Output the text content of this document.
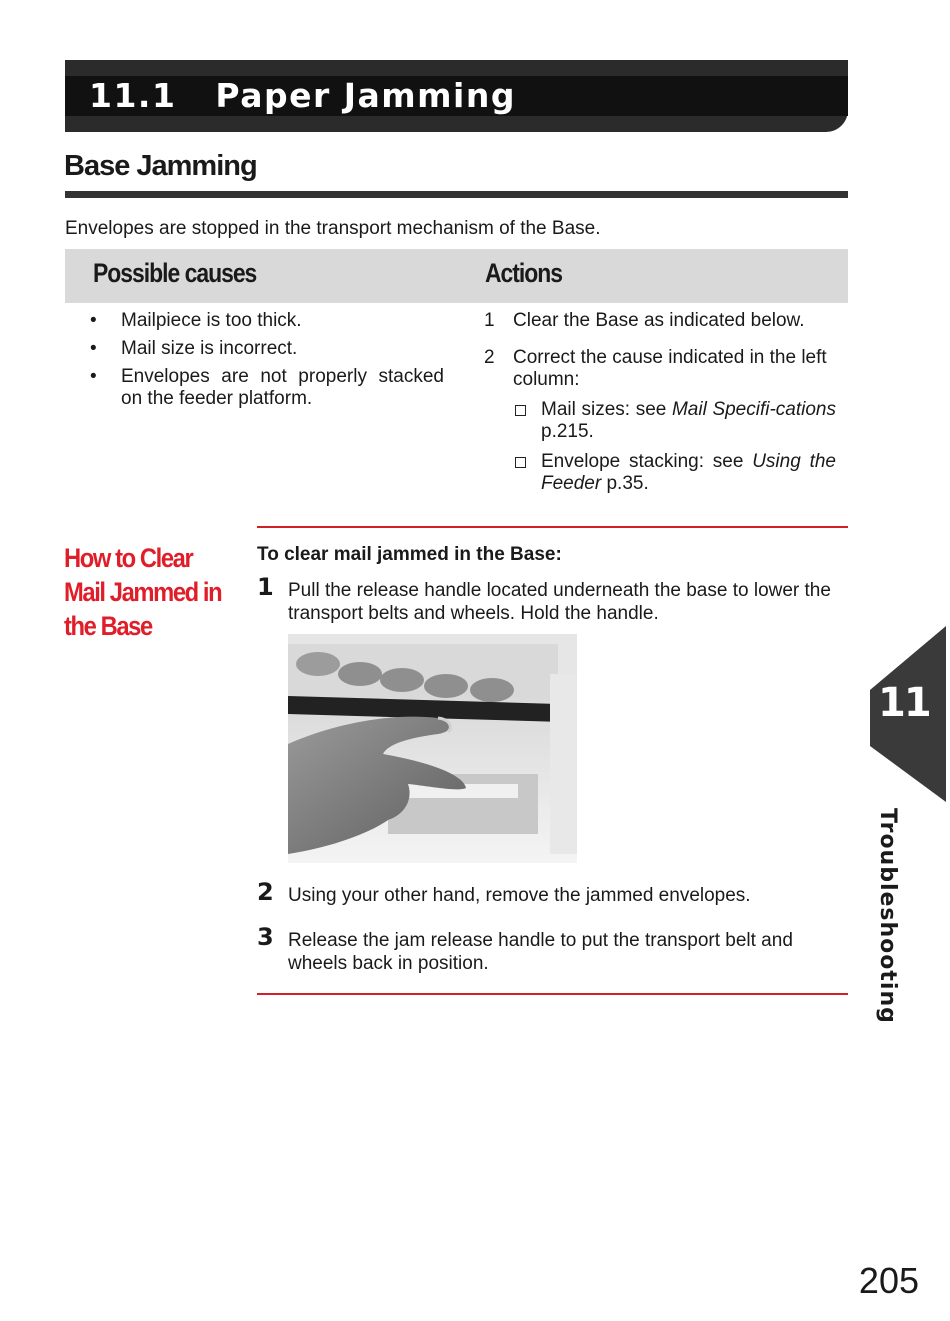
11.1 Paper Jamming
Base Jamming
Envelopes are stopped in the transport mechanism of the Base.
Possible causes	Actions
• Mailpiece is too thick.
• Mail size is incorrect.
• Envelopes are not properly stacked on the feeder platform.
1 Clear the Base as indicated below.
2 Correct the cause indicated in the left column:
Mail sizes: see Mail Specifi-cations p.215.
Envelope stacking: see Using the Feeder p.35.
How to Clear Mail Jammed in the Base
To clear mail jammed in the Base:
1 Pull the release handle located underneath the base to lower the transport belts and wheels. Hold the handle.
2 Using your other hand, remove the jammed envelopes.
3 Release the jam release handle to put the transport belt and wheels back in position.
11
Troubleshooting
205
